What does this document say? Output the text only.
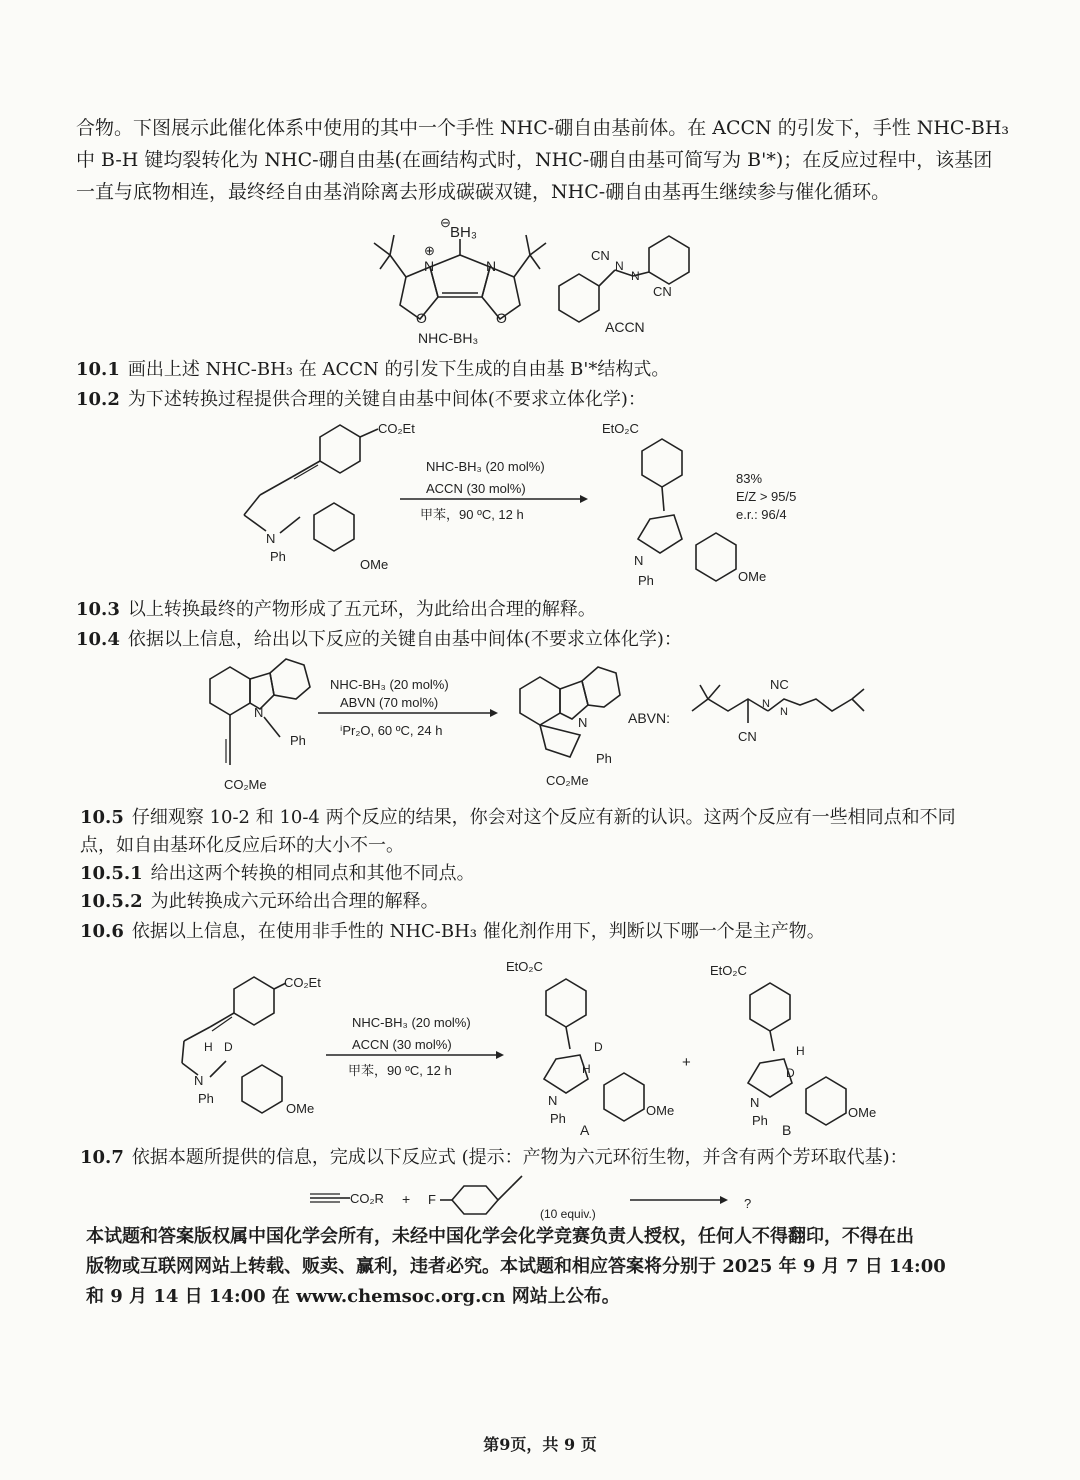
合物。下图展示此催化体系中使用的其中一个手性 NHC-硼自由基前体。在 ACCN 的引发下，手性 NHC-BH₃
中 B-H 键均裂转化为 NHC-硼自由基(在画结构式时，NHC-硼自由基可简写为 B'*)；在反应过程中，该基团
一直与底物相连，最终经自由基消除离去形成碳碳双键，NHC-硼自由基再生继续参与催化循环。
BH₃
⊖
N	N
⊕
O	O
NHC-BH₃
CN
N
N
CN
ACCN
10.1 画出上述 NHC-BH₃ 在 ACCN 的引发下生成的自由基 B'*结构式。
10.2 为下述转换过程提供合理的关键自由基中间体(不要求立体化学)：
CO₂Et
N
Ph
OMe
NHC-BH₃ (20 mol%)
ACCN (30 mol%)
甲苯，90 ºC, 12 h
EtO₂C
N
Ph	OMe
83%
E/Z > 95/5
e.r.: 96/4
10.3 以上转换最终的产物形成了五元环，为此给出合理的解释。
10.4 依据以上信息，给出以下反应的关键自由基中间体(不要求立体化学)：
N
Ph
CO₂Me
NHC-BH₃ (20 mol%)
ABVN (70 mol%)
ⁱPr₂O, 60 ºC, 24 h
N
Ph
CO₂Me
ABVN:
CN
NC
N
N
10.5 仔细观察 10-2 和 10-4 两个反应的结果，你会对这个反应有新的认识。这两个反应有一些相同点和不同
点，如自由基环化反应后环的大小不一。
10.5.1 给出这两个转换的相同点和其他不同点。
10.5.2 为此转换成六元环给出合理的解释。
10.6 依据以上信息，在使用非手性的 NHC-BH₃ 催化剂作用下，判断以下哪一个是主产物。
CO₂Et
N
Ph
H D
OMe
NHC-BH₃ (20 mol%)
ACCN (30 mol%)
甲苯，90 ºC, 12 h
EtO₂C
D
H
N
Ph
OMe
A
+
EtO₂C
H
D
N
Ph
OMe
B
10.7 依据本题所提供的信息，完成以下反应式 (提示：产物为六元环衍生物，并含有两个芳环取代基)：
CO₂R + F
(10 equiv.)
?
本试题和答案版权属中国化学会所有，未经中国化学会化学竞赛负责人授权，任何人不得翻印，不得在出
版物或互联网网站上转载、贩卖、赢利，违者必究。本试题和相应答案将分别于 2025 年 9 月 7 日 14:00
和 9 月 14 日 14:00 在 www.chemsoc.org.cn 网站上公布。
第9页，共 9 页
